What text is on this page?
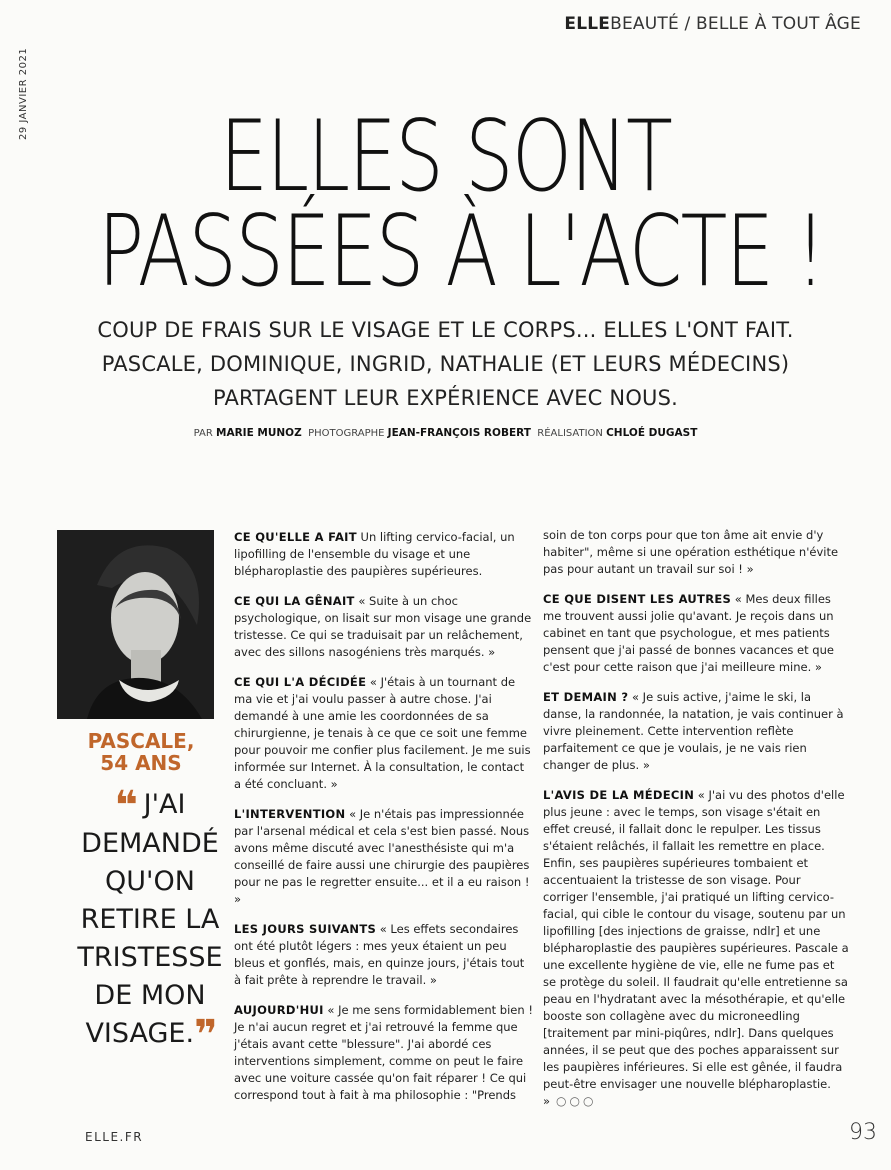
ELLEBEAUTÉ / BELLE À TOUT ÂGE
29 JANVIER 2021
ELLES SONT
PASSÉES À L'ACTE !
COUP DE FRAIS SUR LE VISAGE ET LE CORPS... ELLES L'ONT FAIT.
PASCALE, DOMINIQUE, INGRID, NATHALIE (ET LEURS MÉDECINS)
PARTAGENT LEUR EXPÉRIENCE AVEC NOUS.
PAR MARIE MUNOZ PHOTOGRAPHE JEAN-FRANÇOIS ROBERT RÉALISATION CHLOÉ DUGAST
PASCALE,
54 ANS
❝ J'AI DEMANDÉ QU'ON RETIRE LA TRISTESSE DE MON VISAGE.❞

CE QU'ELLE A FAIT Un lifting cervico-facial, un lipofilling de l'ensemble du visage et une blépharoplastie des paupières supérieures.

CE QUI LA GÊNAIT « Suite à un choc psychologique, on lisait sur mon visage une grande tristesse. Ce qui se traduisait par un relâchement, avec des sillons nasogéniens très marqués. »

CE QUI L'A DÉCIDÉE « J'étais à un tournant de ma vie et j'ai voulu passer à autre chose. J'ai demandé à une amie les coordonnées de sa chirurgienne, je tenais à ce que ce soit une femme pour pouvoir me confier plus facilement. Je me suis informée sur Internet. À la consultation, le contact a été concluant. »

L'INTERVENTION « Je n'étais pas impressionnée par l'arsenal médical et cela s'est bien passé. Nous avons même discuté avec l'anesthésiste qui m'a conseillé de faire aussi une chirurgie des paupières pour ne pas le regretter ensuite... et il a eu raison ! »

LES JOURS SUIVANTS « Les effets secondaires ont été plutôt légers : mes yeux étaient un peu bleus et gonflés, mais, en quinze jours, j'étais tout à fait prête à reprendre le travail. »

AUJOURD'HUI « Je me sens formidablement bien ! Je n'ai aucun regret et j'ai retrouvé la femme que j'étais avant cette "blessure". J'ai abordé ces interventions simplement, comme on peut le faire avec une voiture cassée qu'on fait réparer ! Ce qui correspond tout à fait à ma philosophie : "Prends

soin de ton corps pour que ton âme ait envie d'y habiter", même si une opération esthétique n'évite pas pour autant un travail sur soi ! »

CE QUE DISENT LES AUTRES « Mes deux filles me trouvent aussi jolie qu'avant. Je reçois dans un cabinet en tant que psychologue, et mes patients pensent que j'ai passé de bonnes vacances et que c'est pour cette raison que j'ai meilleure mine. »

ET DEMAIN ? « Je suis active, j'aime le ski, la danse, la randonnée, la natation, je vais continuer à vivre pleinement. Cette intervention reflète parfaitement ce que je voulais, je ne vais rien changer de plus. »

L'AVIS DE LA MÉDECIN « J'ai vu des photos d'elle plus jeune : avec le temps, son visage s'était en effet creusé, il fallait donc le repulper. Les tissus s'étaient relâchés, il fallait les remettre en place. Enfin, ses paupières supérieures tombaient et accentuaient la tristesse de son visage. Pour corriger l'ensemble, j'ai pratiqué un lifting cervico-facial, qui cible le contour du visage, soutenu par un lipofilling [des injections de graisse, ndlr] et une blépharoplastie des paupières supérieures. Pascale a une excellente hygiène de vie, elle ne fume pas et se protège du soleil. Il faudrait qu'elle entretienne sa peau en l'hydratant avec la mésothérapie, et qu'elle booste son collagène avec du microneedling [traitement par mini-piqûres, ndlr]. Dans quelques années, il se peut que des poches apparaissent sur les paupières inférieures. Si elle est gênée, il faudra peut-être envisager une nouvelle blépharoplastie. » ○○○

ELLE.FR	93
